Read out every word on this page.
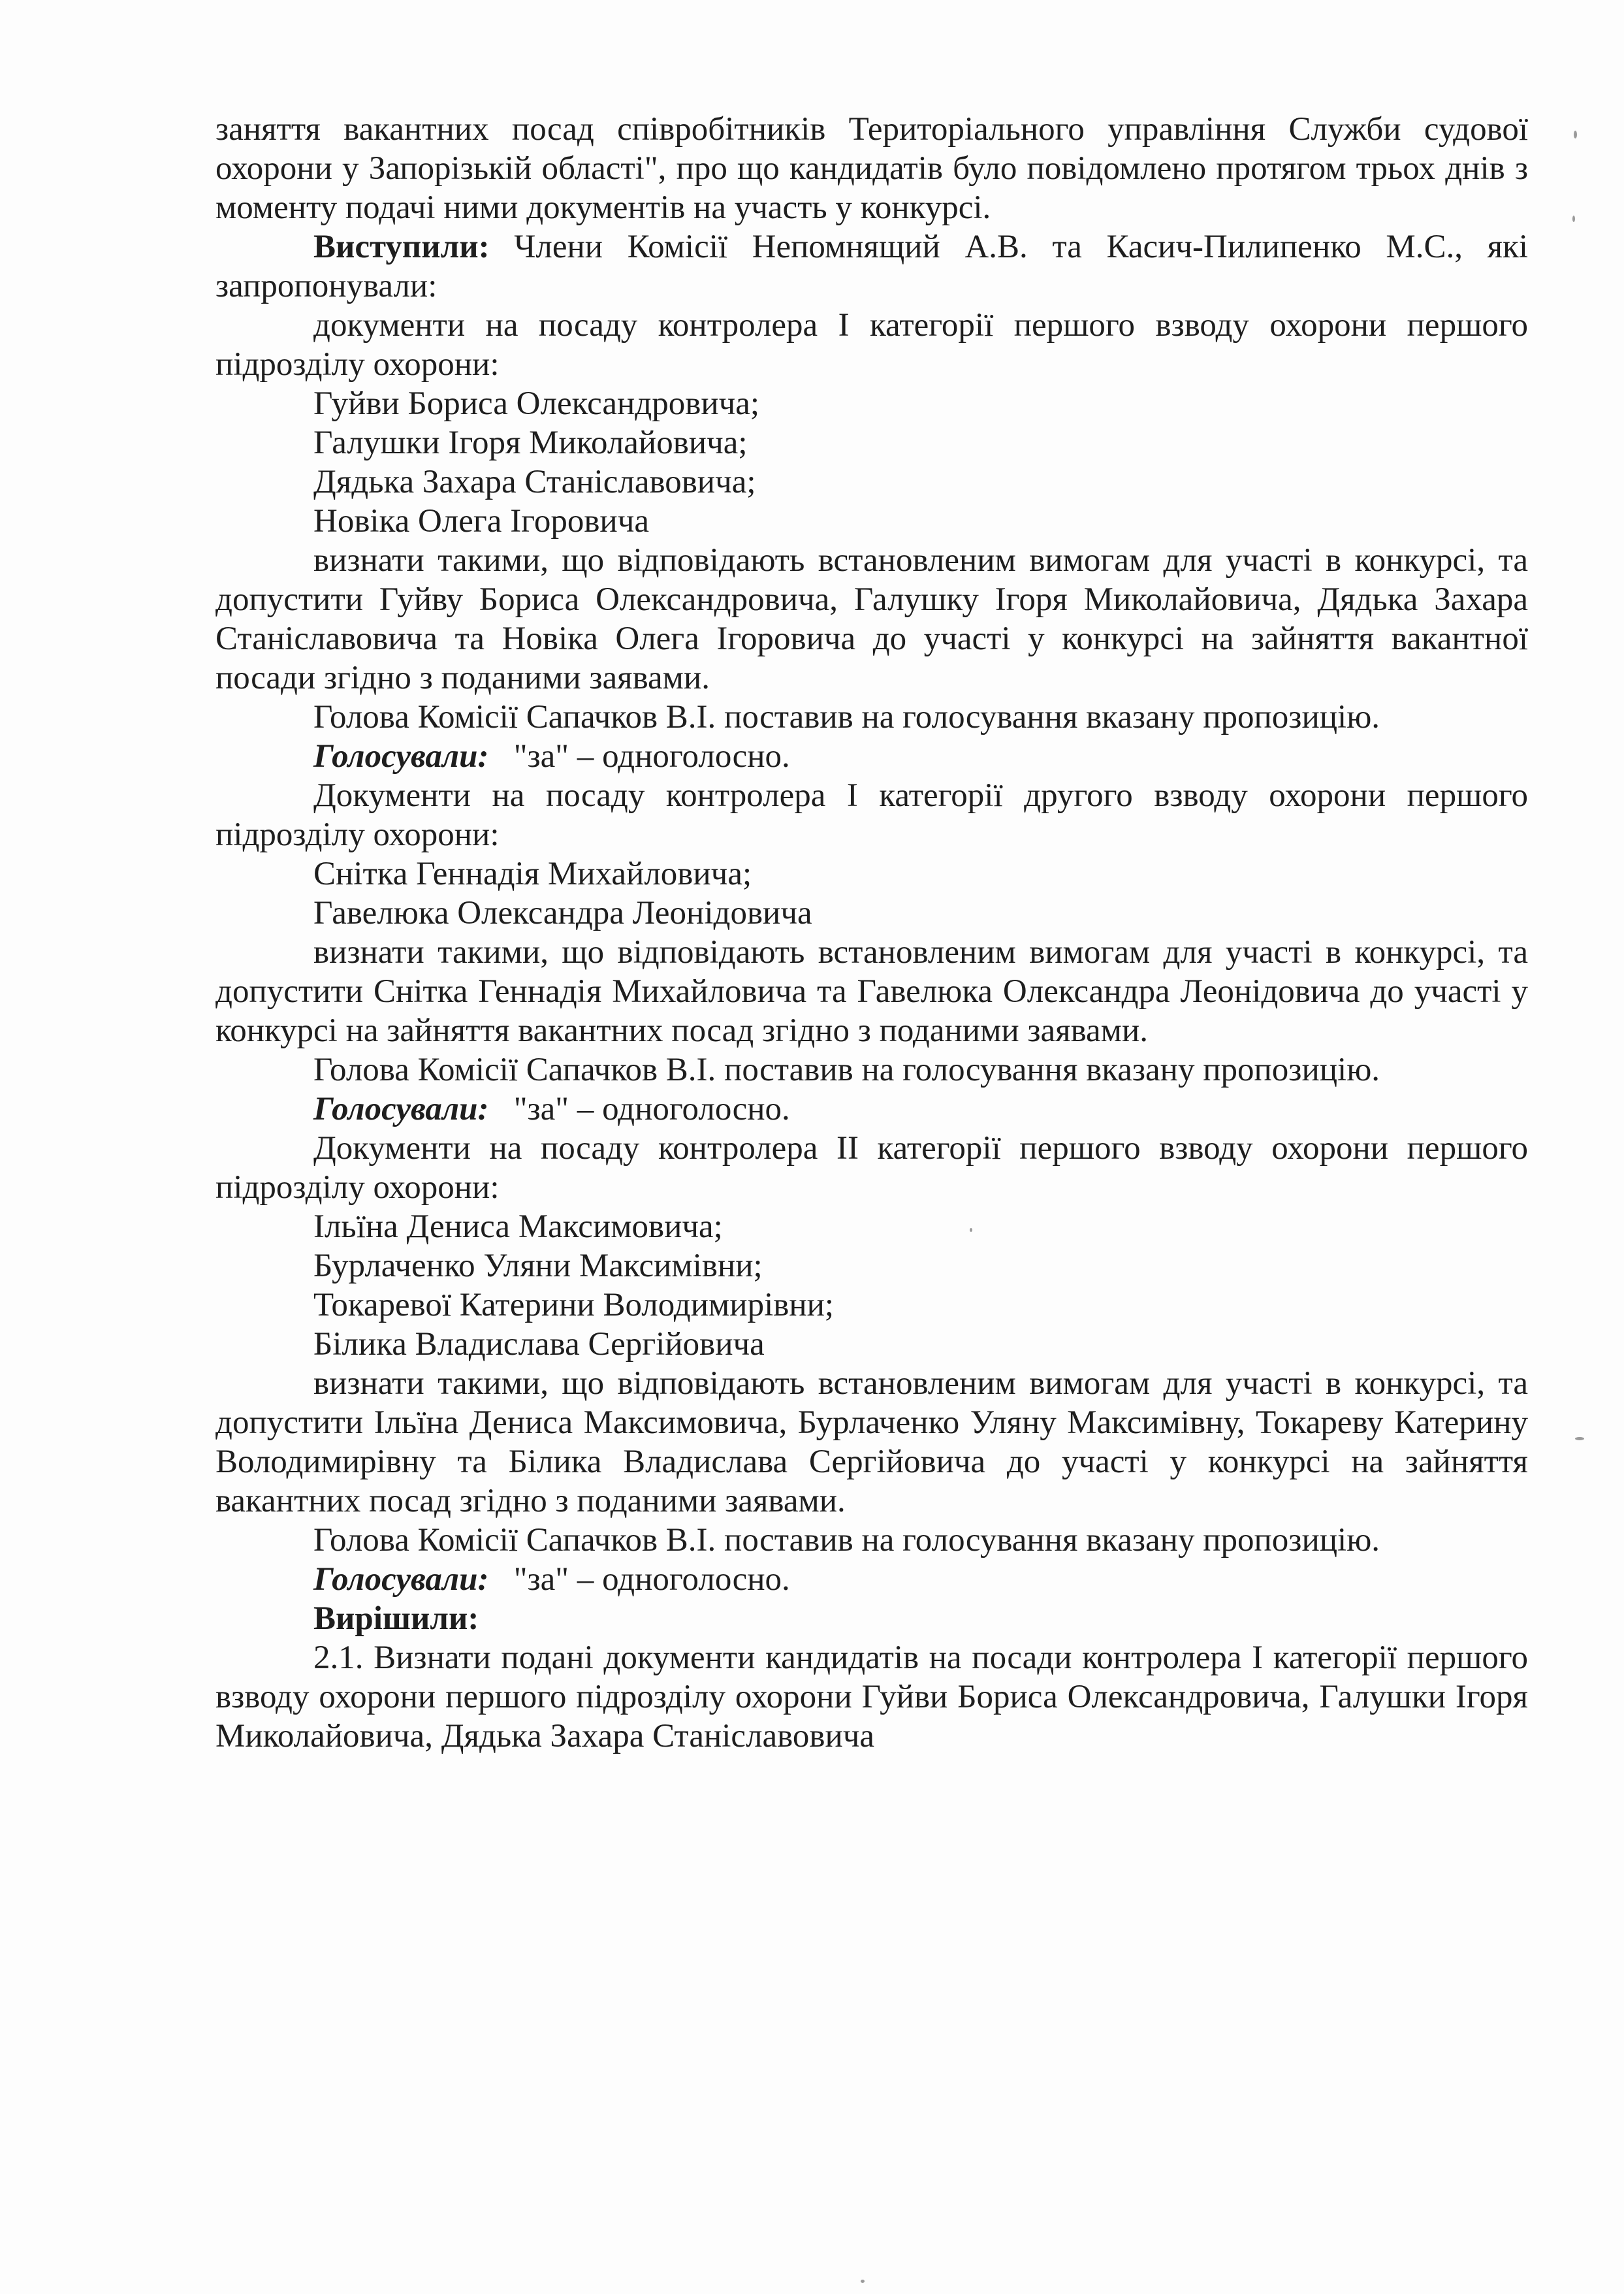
заняття вакантних посад співробітників Територіального управління Служби судової охорони у Запорізькій області", про що кандидатів було повідомлено протягом трьох днів з моменту подачі ними документів на участь у конкурсі.

Виступили: Члени Комісії Непомнящий А.В. та Касич-Пилипенко М.С., які запропонували:

документи на посаду контролера І категорії першого взводу охорони першого підрозділу охорони:

Гуйви Бориса Олександровича;

Галушки Ігоря Миколайовича;

Дядька Захара Станіславовича;

Новіка Олега Ігоровича

визнати такими, що відповідають встановленим вимогам для участі в конкурсі, та допустити Гуйву Бориса Олександровича, Галушку Ігоря Миколайовича, Дядька Захара Станіславовича та Новіка Олега Ігоровича до участі у конкурсі на зайняття вакантної посади згідно з поданими заявами.

Голова Комісії Сапачков В.І. поставив на голосування вказану пропозицію.

Голосували: "за" – одноголосно.

Документи на посаду контролера І категорії другого взводу охорони першого підрозділу охорони:

Снітка Геннадія Михайловича;

Гавелюка Олександра Леонідовича

визнати такими, що відповідають встановленим вимогам для участі в конкурсі, та допустити Снітка Геннадія Михайловича та Гавелюка Олександра Леонідовича до участі у конкурсі на зайняття вакантних посад згідно з поданими заявами.

Голова Комісії Сапачков В.І. поставив на голосування вказану пропозицію.

Голосували: "за" – одноголосно.

Документи на посаду контролера ІІ категорії першого взводу охорони першого підрозділу охорони:

Ільїна Дениса Максимовича;

Бурлаченко Уляни Максимівни;

Токаревої Катерини Володимирівни;

Білика Владислава Сергійовича

визнати такими, що відповідають встановленим вимогам для участі в конкурсі, та допустити Ільїна Дениса Максимовича, Бурлаченко Уляну Максимівну, Токареву Катерину Володимирівну та Білика Владислава Сергійовича до участі у конкурсі на зайняття вакантних посад згідно з поданими заявами.

Голова Комісії Сапачков В.І. поставив на голосування вказану пропозицію.

Голосували: "за" – одноголосно.

Вирішили:

2.1. Визнати подані документи кандидатів на посади контролера І категорії першого взводу охорони першого підрозділу охорони Гуйви Бориса Олександровича, Галушки Ігоря Миколайовича, Дядька Захара Станіславовича
